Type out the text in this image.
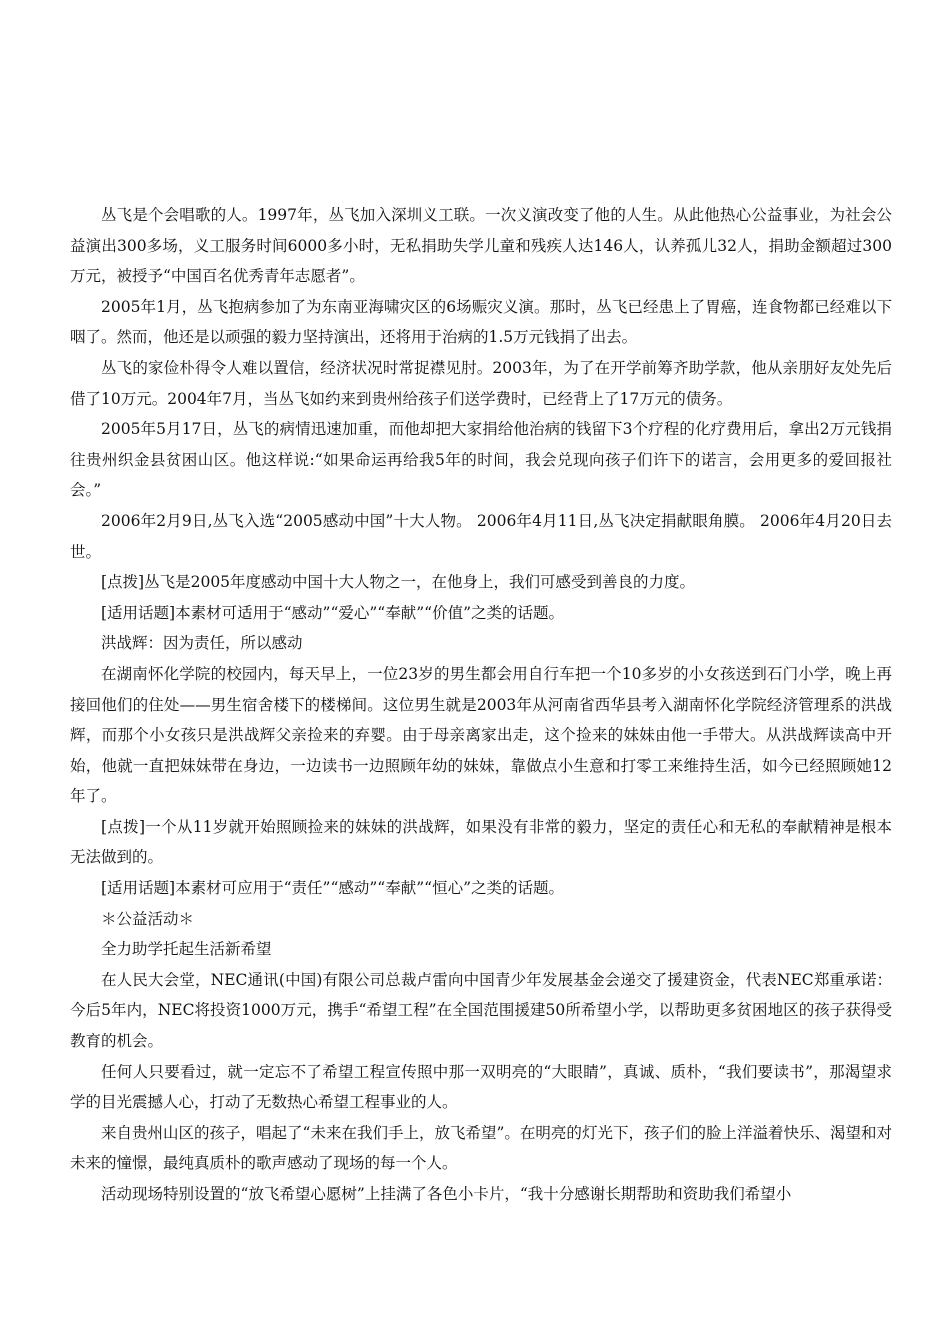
丛飞是个会唱歌的人。1997年，丛飞加入深圳义工联。一次义演改变了他的人生。从此他热心公益事业，为社会公益演出300多场，义工服务时间6000多小时，无私捐助失学儿童和残疾人达146人，认养孤儿32人，捐助金额超过300万元，被授予“中国百名优秀青年志愿者”。

2005年1月，丛飞抱病参加了为东南亚海啸灾区的6场赈灾义演。那时，丛飞已经患上了胃癌，连食物都已经难以下咽了。然而，他还是以顽强的毅力坚持演出，还将用于治病的1.5万元钱捐了出去。

丛飞的家俭朴得令人难以置信，经济状况时常捉襟见肘。2003年，为了在开学前筹齐助学款，他从亲朋好友处先后借了10万元。2004年7月，当丛飞如约来到贵州给孩子们送学费时，已经背上了17万元的债务。

2005年5月17日，丛飞的病情迅速加重，而他却把大家捐给他治病的钱留下3个疗程的化疗费用后，拿出2万元钱捐往贵州织金县贫困山区。他这样说:“如果命运再给我5年的时间，我会兑现向孩子们许下的诺言，会用更多的爱回报社会。”

2006年2月9日,丛飞入选“2005感动中国”十大人物。 2006年4月11日,丛飞决定捐献眼角膜。 2006年4月20日去世。

[点拨]丛飞是2005年度感动中国十大人物之一，在他身上，我们可感受到善良的力度。

[适用话题]本素材可适用于“感动”“爱心”“奉献”“价值”之类的话题。

洪战辉：因为责任，所以感动

在湖南怀化学院的校园内，每天早上，一位23岁的男生都会用自行车把一个10多岁的小女孩送到石门小学，晚上再接回他们的住处——男生宿舍楼下的楼梯间。这位男生就是2003年从河南省西华县考入湖南怀化学院经济管理系的洪战辉，而那个小女孩只是洪战辉父亲捡来的弃婴。由于母亲离家出走，这个捡来的妹妹由他一手带大。从洪战辉读高中开始，他就一直把妹妹带在身边，一边读书一边照顾年幼的妹妹，靠做点小生意和打零工来维持生活，如今已经照顾她12年了。

[点拨]一个从11岁就开始照顾捡来的妹妹的洪战辉，如果没有非常的毅力，坚定的责任心和无私的奉献精神是根本无法做到的。

[适用话题]本素材可应用于“责任”“感动”“奉献”“恒心”之类的话题。

＊公益活动＊

全力助学托起生活新希望

在人民大会堂，NEC通讯(中国)有限公司总裁卢雷向中国青少年发展基金会递交了援建资金，代表NEC郑重承诺：今后5年内，NEC将投资1000万元，携手“希望工程”在全国范围援建50所希望小学，以帮助更多贫困地区的孩子获得受教育的机会。

任何人只要看过，就一定忘不了希望工程宣传照中那一双明亮的“大眼睛”，真诚、质朴，“我们要读书”，那渴望求学的目光震撼人心，打动了无数热心希望工程事业的人。

来自贵州山区的孩子，唱起了“未来在我们手上，放飞希望”。在明亮的灯光下，孩子们的脸上洋溢着快乐、渴望和对未来的憧憬，最纯真质朴的歌声感动了现场的每一个人。

活动现场特别设置的“放飞希望心愿树”上挂满了各色小卡片，“我十分感谢长期帮助和资助我们希望小
